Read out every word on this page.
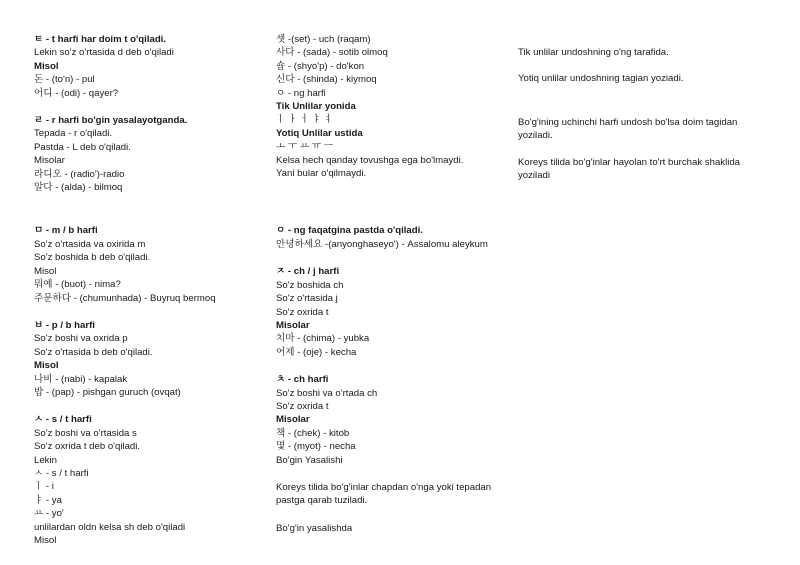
ㅌ - t harfi har doim t o'qiladi.
Lekin so'z o'rtasida d deb o'qiladi
Misol
돈 - (to'n) - pul
어디 - (odi) - qayer?
ㄹ - r harfi bo'gin yasalayotganda.
Tepada - r o'qiladi.
Pastda - L deb o'qiladi.
Misolar
라디오 - (radio')-radio
알다 - (alda) - bilmoq
ㅁ - m / b harfi
So'z o'rtasida va oxirida m
So'z boshida b deb o'qiladi.
Misol
뭐예 - (buot) - nima?
주문하다 - (chumunhada) - Buyruq bermoq
ㅂ - p / b harfi
So'z boshi va oxrida p
So'z o'rtasida b deb o'qiladi.
Misol
나비 - (nabi) - kapalak
밥 - (pap) - pishgan guruch (ovqat)
ㅅ - s / t harfi
So'z boshi va o'rtasida s
So'z oxrida t deb o'qiladi.
Lekin
ㅅ - s / t harfi
ㅣ - i
ㅑ - ya
ㅛ - yo'
unlilardan oldn kelsa sh deb o'qiladi
Misol
셋 -(set) - uch (raqam)
사다 - (sada) - sotib olmoq
숍 - (shyo'p) - do'kon
신다 - (shinda) - kiymoq
ㅇ - ng harfi
Tik Unlilar yonida
ㅣ ㅏ ㅓ ㅑ ㅕ
Yotiq Unlilar ustida
ㅗ ㅜ ㅛ ㅠ ㅡ
Kelsa hech qanday tovushga ega bo'lmaydi.
Yani bular o'qilmaydi.
ㅇ - ng faqatgina pastda o'qiladi.
안녕하세요 -(anyonghaseyo') - Assalomu aleykum
ㅈ - ch / j harfi
So'z boshida ch
So'z o'rtasida j
So'z oxrida t
Misolar
치마 - (chima) - yubka
어제 - (oje) - kecha
ㅊ - ch harfi
So'z boshi va o'rtada ch
So'z oxrida t
Misolar
책 - (chek) - kitob
몇 - (myot) - necha
Bo'gin Yasalishi
Koreys tilida bo'g'inlar chapdan o'nga yoki tepadan pastga qarab tuziladi.
Bo'g'in yasalishda
Tik unlilar undoshning o'ng tarafida.
Yotiq unlilar undoshning tagian yoziadi.
Bo'g'ining uchinchi harfi undosh bo'lsa doim tagidan yoziladi.
Koreys tilida bo'g'inlar hayolan to'rt burchak shaklida yoziladi
